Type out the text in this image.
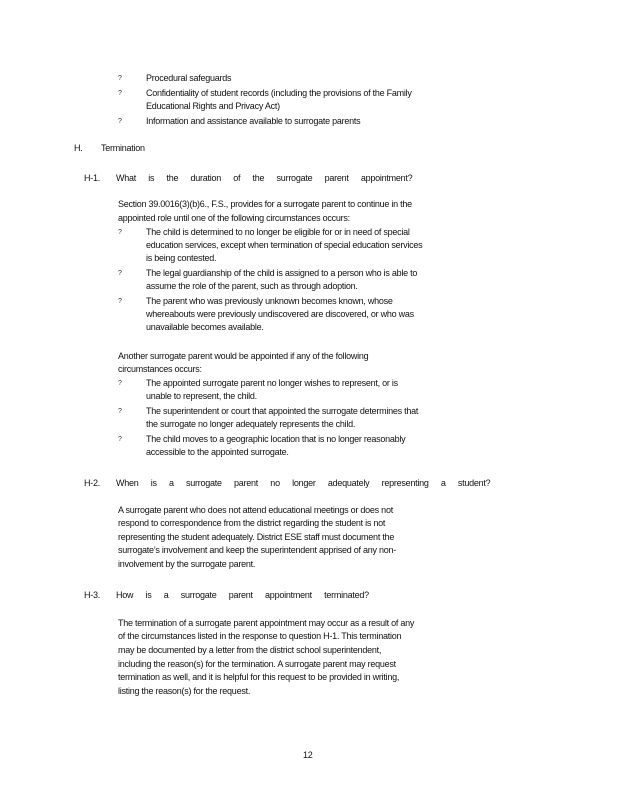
?	Procedural safeguards
?	Confidentiality of student records (including the provisions of the Family
Educational Rights and Privacy Act)
?	Information and assistance available to surrogate parents
H. Termination
H-1. What is the duration of the surrogate parent appointment?
Section 39.0016(3)(b)6., F.S., provides for a surrogate parent to continue in the
appointed role until one of the following circumstances occurs:
?	The child is determined to no longer be eligible for or in need of special
education services, except when termination of special education services
is being contested.
?	The legal guardianship of the child is assigned to a person who is able to
assume the role of the parent, such as through adoption.
?	The parent who was previously unknown becomes known, whose
whereabouts were previously undiscovered are discovered, or who was
unavailable becomes available.
Another surrogate parent would be appointed if any of the following
circumstances occurs:
?	The appointed surrogate parent no longer wishes to represent, or is
unable to represent, the child.
?	The superintendent or court that appointed the surrogate determines that
the surrogate no longer adequately represents the child.
?	The child moves to a geographic location that is no longer reasonably
accessible to the appointed surrogate.
H-2. When is a surrogate parent no longer adequately representing a student?
A surrogate parent who does not attend educational meetings or does not
respond to correspondence from the district regarding the student is not
representing the student adequately. District ESE staff must document the
surrogate’s involvement and keep the superintendent apprised of any non-
involvement by the surrogate parent.
H-3. How is a surrogate parent appointment terminated?
The termination of a surrogate parent appointment may occur as a result of any
of the circumstances listed in the response to question H-1. This termination
may be documented by a letter from the district school superintendent,
including the reason(s) for the termination. A surrogate parent may request
termination as well, and it is helpful for this request to be provided in writing,
listing the reason(s) for the request.
12
